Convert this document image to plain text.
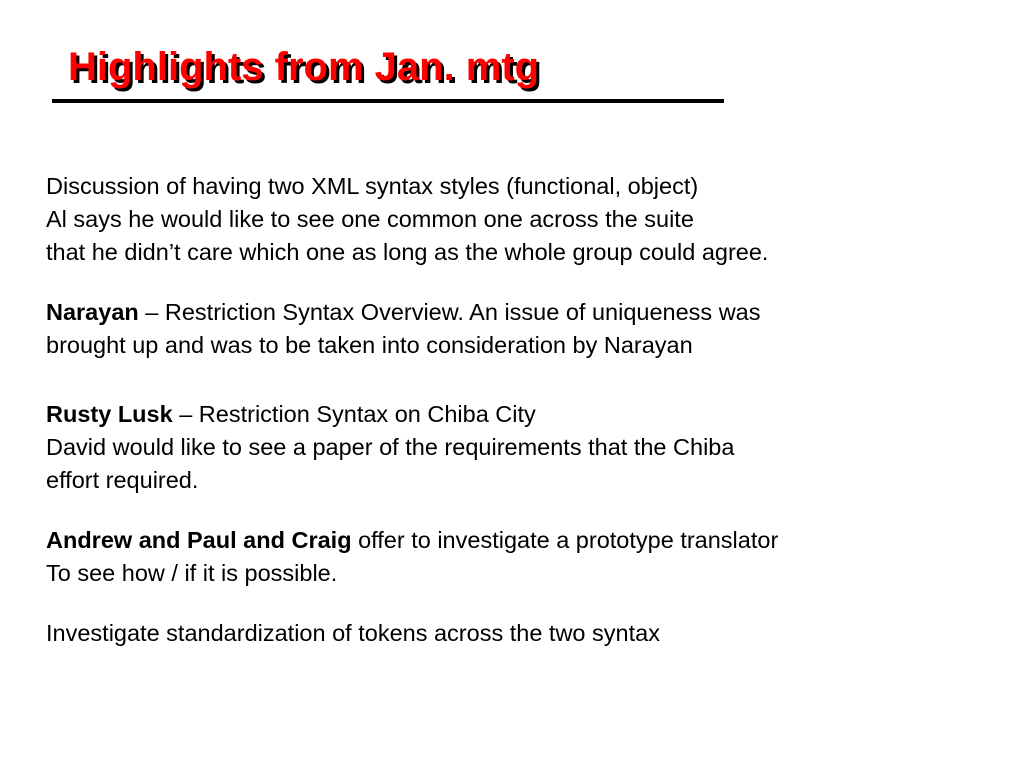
Highlights from Jan. mtg
Discussion of having two XML syntax styles (functional, object)
Al says he would like to see one common one across the suite
that he didn’t care which one as long as the whole group could agree.
Narayan – Restriction Syntax Overview. An issue of uniqueness was
brought up and was to be taken into consideration by Narayan
Rusty Lusk – Restriction Syntax on Chiba City
David would like to see a paper of the requirements that the Chiba
effort required.
Andrew and Paul and Craig offer to investigate a prototype translator
To see how / if it is possible.
Investigate standardization of tokens across the two syntax
